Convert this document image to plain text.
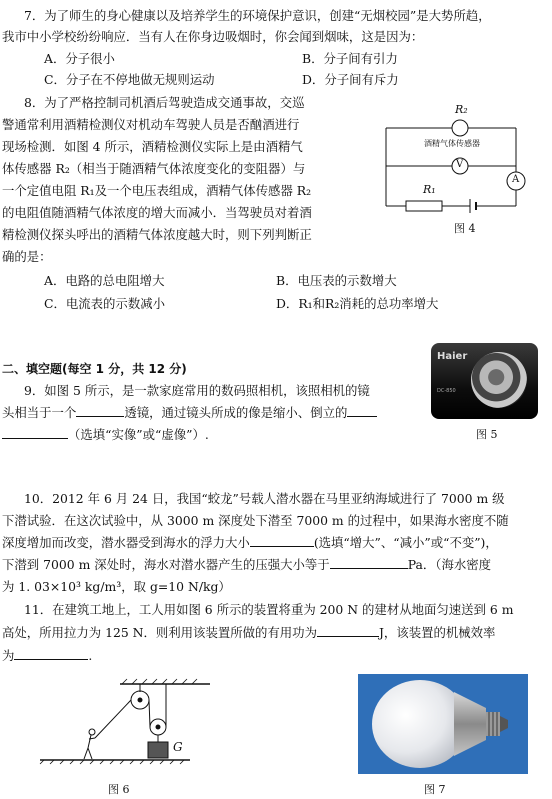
7．为了师生的身心健康以及培养学生的环境保护意识，创建“无烟校园”是大势所趋，
我市中小学校纷纷响应．当有人在你身边吸烟时，你会闻到烟味，这是因为：
A．分子很小	B．分子间有引力
C．分子在不停地做无规则运动	D．分子间有斥力
8．为了严格控制司机酒后驾驶造成交通事故，交巡
警通常利用酒精检测仪对机动车驾驶人员是否酗酒进行
现场检测．如图 4 所示，酒精检测仪实际上是由酒精气
体传感器 R₂（相当于随酒精气体浓度变化的变阻器）与
一个定值电阻 R₁及一个电压表组成，酒精气体传感器 R₂
的电阻值随酒精气体浓度的增大而减小．当驾驶员对着酒
精检测仪探头呼出的酒精气体浓度越大时，则下列判断正
确的是：
A．电路的总电阻增大	B．电压表的示数增大
C．电流表的示数减小	D．R₁和R₂消耗的总功率增大
R₂
酒精气体传感器
V
A
R₁
图 4
二、填空题(每空 1 分，共 12 分)
9．如图 5 所示，是一款家庭常用的数码照相机，该照相机的镜
头相当于一个	透镜，通过镜头所成的像是缩小、倒立的
（选填“实像”或“虚像”）.
Haier
DC-850
图 5
10．2012 年 6 月 24 日，我国“蛟龙”号载人潜水器在马里亚纳海域进行了 7000 m 级
下潜试验．在这次试验中，从 3000 m 深度处下潜至 7000 m 的过程中，如果海水密度不随
深度增加而改变，潜水器受到海水的浮力大小	(选填“增大”、“减小”或“不变”)，
下潜到 7000 m 深处时，海水对潜水器产生的压强大小等于	Pa．（海水密度
为 1. 03×10³ kg/m³，取 g=10 N/kg）
11．在建筑工地上，工人用如图 6 所示的装置将重为 200 N 的建材从地面匀速送到 6 m
高处，所用拉力为 125 N．则利用该装置所做的有用功为	J，该装置的机械效率
为	.
G
图 6	图 7
